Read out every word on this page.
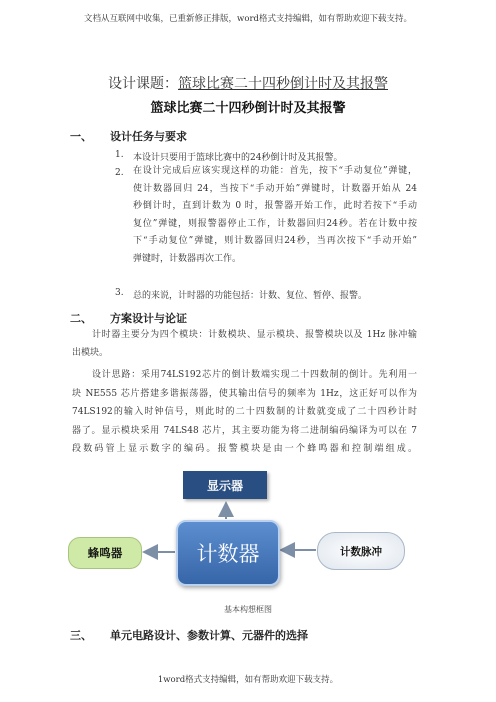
文档从互联网中收集，已重新修正排版，word格式支持编辑，如有帮助欢迎下载支持。
设计课题：篮球比赛二十四秒倒计时及其报警
篮球比赛二十四秒倒计时及其报警
一、 设计任务与要求
1. 本设计只要用于篮球比赛中的24秒倒计时及其报警。
2. 在设计完成后应该实现这样的功能：首先，按下“手动复位”弹键，
使计数器回归 24，当按下“手动开始”弹键时，计数器开始从 24
秒倒计时，直到计数为 0 时，报警器开始工作，此时若按下“手动
复位”弹键，则报警器停止工作，计数器回归24秒。若在计数中按
下“手动复位”弹键，则计数器回归24秒，当再次按下“手动开始”
弹键时，计数器再次工作。
3. 总的来说，计时器的功能包括：计数、复位、暂停、报警。
二、 方案设计与论证
计时器主要分为四个模块：计数模块、显示模块、报警模块以及 1Hz 脉冲输
出模块。
设计思路：采用74LS192芯片的倒计数端实现二十四数制的倒计。先利用一
块 NE555 芯片搭建多谐振荡器，使其输出信号的频率为 1Hz，这正好可以作为
74LS192的输入时钟信号，则此时的二十四数制的计数就变成了二十四秒计时
器了。显示模块采用 74LS48 芯片，其主要功能为将二进制编码编译为可以在 7
段数码管上显示数字的编码。报警模块是由一个蜂鸣器和控制端组成。
显示器
计数器
蜂鸣器	计数脉冲
基本构想框图
三、 单元电路设计、参数计算、元器件的选择
1word格式支持编辑，如有帮助欢迎下载支持。
